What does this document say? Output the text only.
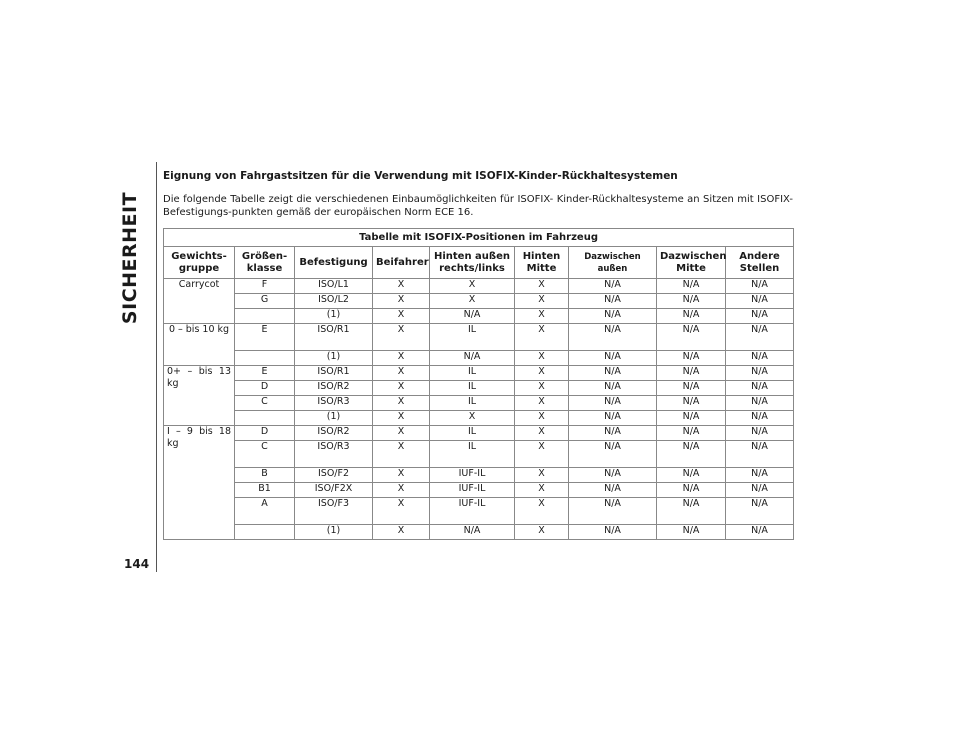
SICHERHEIT
144
Eignung von Fahrgastsitzen für die Verwendung mit ISOFIX-Kinder-Rückhaltesystemen
Die folgende Tabelle zeigt die verschiedenen Einbaumöglichkeiten für ISOFIX- Kinder-Rückhaltesysteme an Sitzen mit ISOFIX-Befestigungs-punkten gemäß der europäischen Norm ECE 16.
Tabelle mit ISOFIX-Positionen im Fahrzeug								
Gewichts- gruppe	Größen- klasse	Befestigung	Beifahrer	Hinten außen rechts/links	Hinten Mitte	Dazwischen außen	Dazwischen Mitte	Andere Stellen
Carrycot	F	ISO/L1	X	X	X	N/A	N/A	N/A
	G	ISO/L2	X	X	X	N/A	N/A	N/A
		(1)	X	N/A	X	N/A	N/A	N/A
0 – bis 10 kg	E	ISO/R1	X	IL	X	N/A	N/A	N/A
		(1)	X	N/A	X	N/A	N/A	N/A
0+ – bis 13 kg	E	ISO/R1	X	IL	X	N/A	N/A	N/A
	D	ISO/R2	X	IL	X	N/A	N/A	N/A
	C	ISO/R3	X	IL	X	N/A	N/A	N/A
		(1)	X	X	X	N/A	N/A	N/A
I – 9 bis 18 kg	D	ISO/R2	X	IL	X	N/A	N/A	N/A
	C	ISO/R3	X	IL	X	N/A	N/A	N/A
	B	ISO/F2	X	IUF-IL	X	N/A	N/A	N/A
	B1	ISO/F2X	X	IUF-IL	X	N/A	N/A	N/A
	A	ISO/F3	X	IUF-IL	X	N/A	N/A	N/A
		(1)	X	N/A	X	N/A	N/A	N/A
